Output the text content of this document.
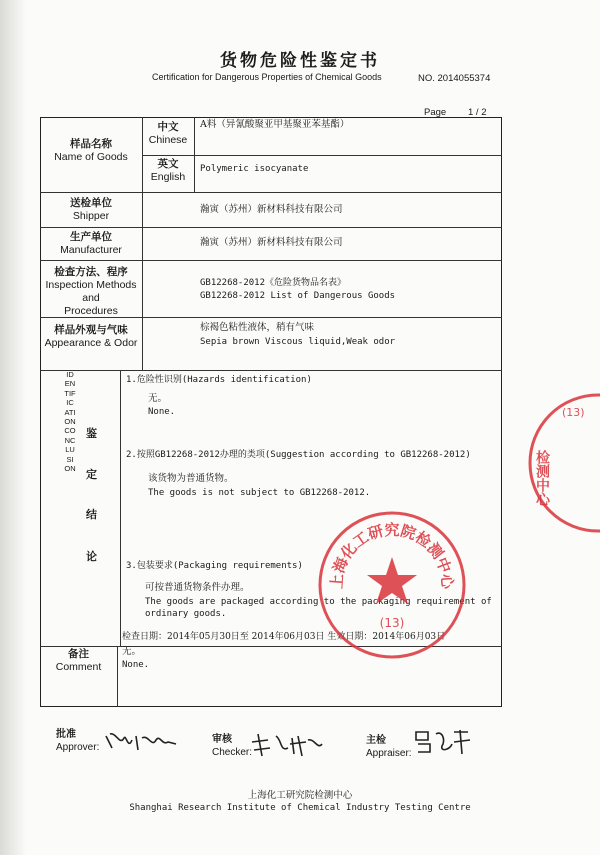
货物危险性鉴定书
Certification for Dangerous Properties of Chemical Goods	NO. 2014055374
Page 1 / 2
样品名称
Name of Goods
中文
Chinese
A料（异氰酸聚亚甲基聚亚苯基酯）
英文
English
Polymeric isocyanate
送检单位
Shipper
瀚寅（苏州）新材料科技有限公司
生产单位
Manufacturer
瀚寅（苏州）新材料科技有限公司
检查方法、程序
Inspection Methods and
Procedures
GB12268-2012《危险货物品名表》
GB12268-2012 List of Dangerous Goods
样品外观与气味
Appearance & Odor
棕褐色粘性液体，稍有气味
Sepia brown Viscous liquid,Weak odor
IDENTIFICATIONCONCLUSION
鉴
定
结
论
1.危险性识别(Hazards identification)
无。
None.
2.按照GB12268-2012办理的类项(Suggestion according to GB12268-2012)
该货物为普通货物。
The goods is not subject to GB12268-2012.
3.包装要求(Packaging requirements)
可按普通货物条件办理。
The goods are packaged according to the packaging requirement of
ordinary goods.
检查日期：2014年05月30日至 2014年06月03日 生效日期：2014年06月03日
备注
Comment
无。
None.
批准
Approver:
审核
Checker:
主检
Appraiser:
上海化工研究院检测中心
Shanghai Research Institute of Chemical Industry Testing Centre
上海化工研究院检测中心
(13)
(13)
检测中心
